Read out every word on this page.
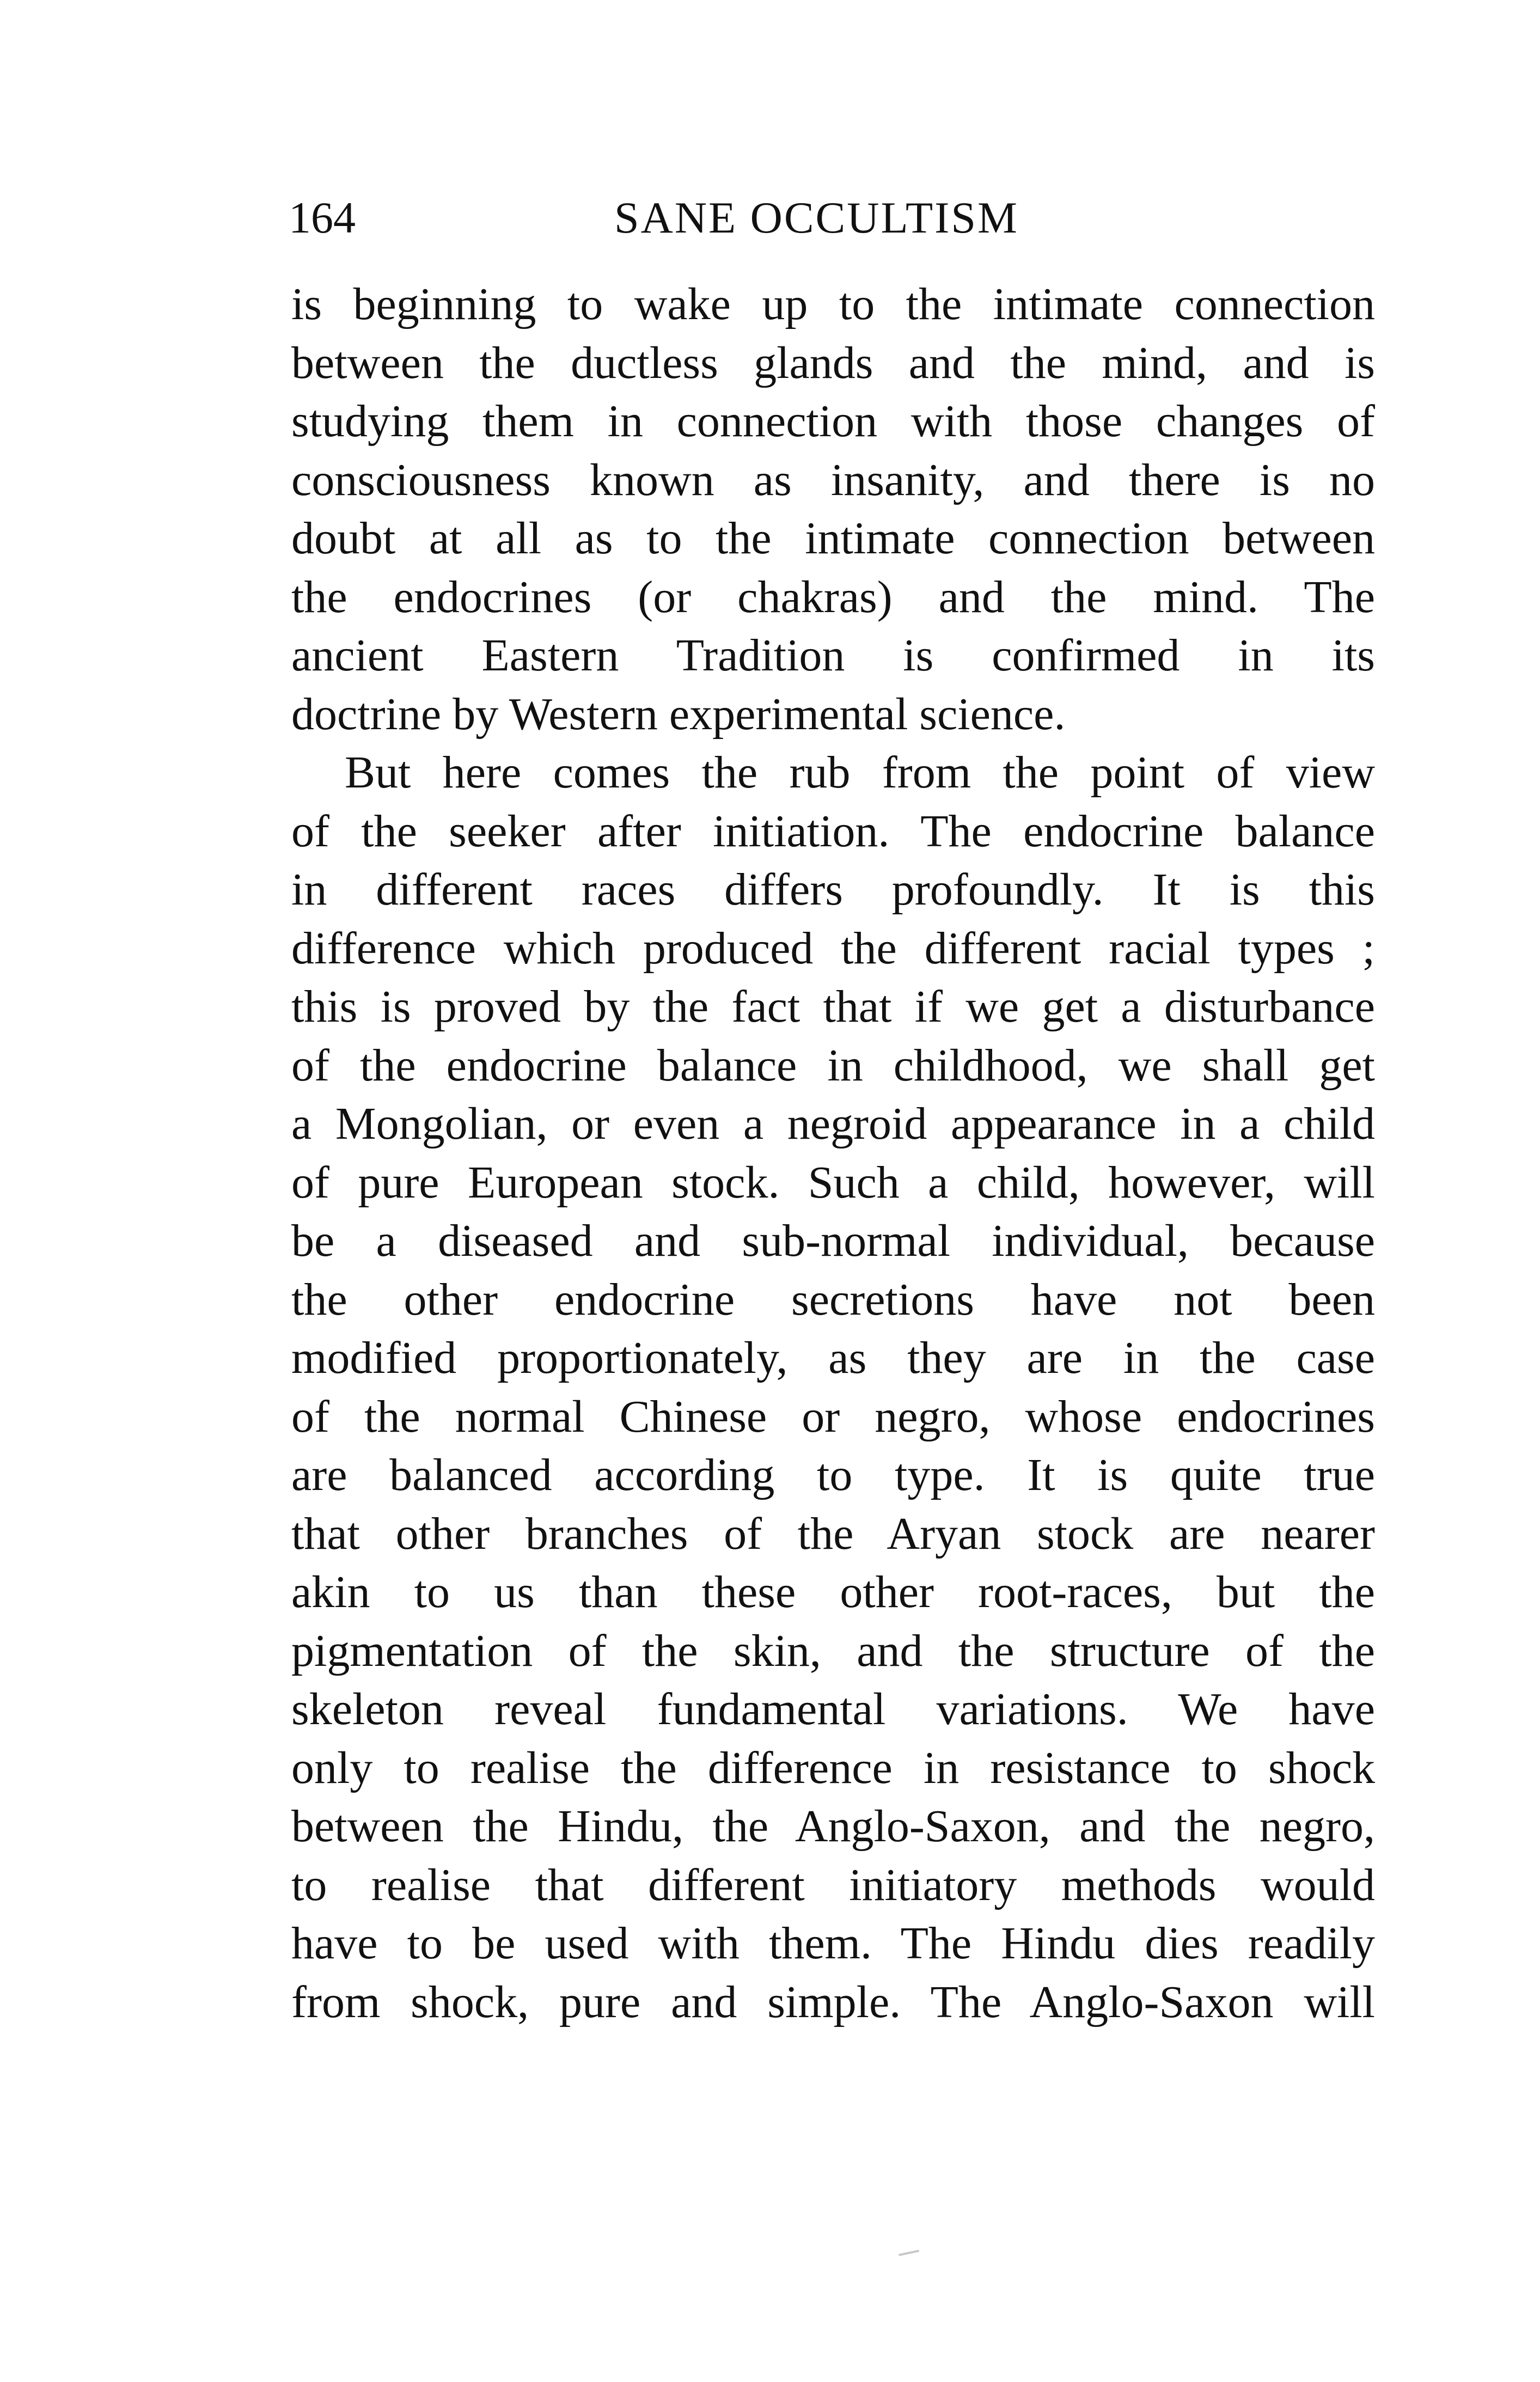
164	SANE OCCULTISM
is beginning to wake up to the intimate connection
between the ductless glands and the mind, and is
studying them in connection with those changes of
consciousness known as insanity, and there is no
doubt at all as to the intimate connection between
the endocrines (or chakras) and the mind. The
ancient Eastern Tradition is confirmed in its
doctrine by Western experimental science.
But here comes the rub from the point of view
of the seeker after initiation. The endocrine balance
in different races differs profoundly. It is this
difference which produced the different racial types ;
this is proved by the fact that if we get a disturbance
of the endocrine balance in childhood, we shall get
a Mongolian, or even a negroid appearance in a child
of pure European stock. Such a child, however, will
be a diseased and sub-normal individual, because
the other endocrine secretions have not been
modified proportionately, as they are in the case
of the normal Chinese or negro, whose endocrines
are balanced according to type. It is quite true
that other branches of the Aryan stock are nearer
akin to us than these other root-races, but the
pigmentation of the skin, and the structure of the
skeleton reveal fundamental variations. We have
only to realise the difference in resistance to shock
between the Hindu, the Anglo-Saxon, and the negro,
to realise that different initiatory methods would
have to be used with them. The Hindu dies readily
from shock, pure and simple. The Anglo-Saxon will
